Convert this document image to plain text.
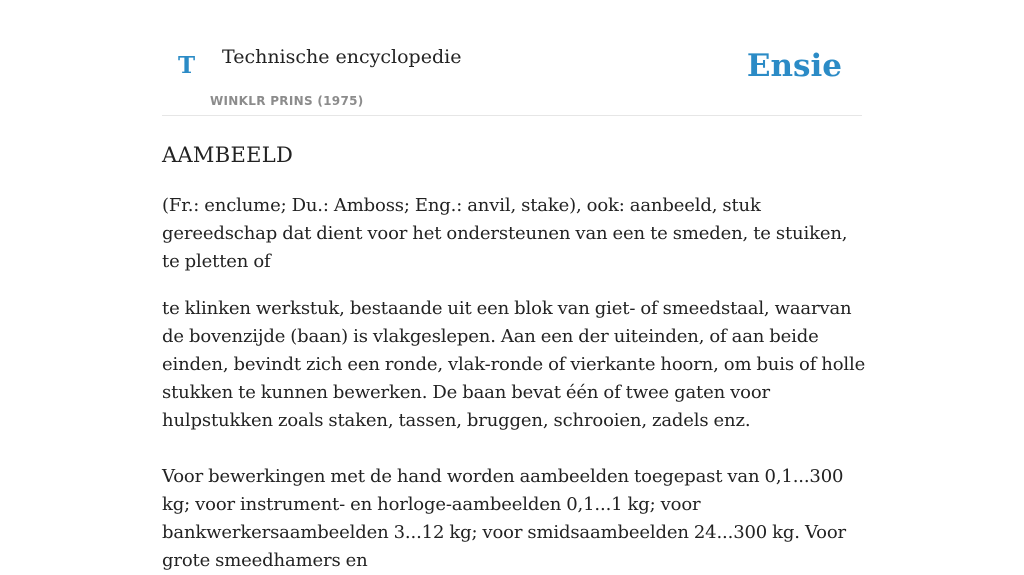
T Technische encyclopedie
WINKLR PRINS (1975)
Ensie
AAMBEELD

(Fr.: enclume; Du.: Amboss; Eng.: anvil, stake), ook: aanbeeld, stuk gereedschap dat dient voor het ondersteunen van een te smeden, te stuiken, te pletten of

te klinken werkstuk, bestaande uit een blok van giet- of smeedstaal, waarvan de bovenzijde (baan) is vlakgeslepen. Aan een der uiteinden, of aan beide einden, bevindt zich een ronde, vlak-ronde of vierkante hoorn, om buis of holle stukken te kunnen bewerken. De baan bevat één of twee gaten voor hulpstukken zoals staken, tassen, bruggen, schrooien, zadels enz.

Voor bewerkingen met de hand worden aambeelden toegepast van 0,1...300 kg; voor instrument- en horloge-aambeelden 0,1...1 kg; voor bankwerkersaambeelden 3...12 kg; voor smidsaambeelden 24...300 kg. Voor grote smeedhamers en
